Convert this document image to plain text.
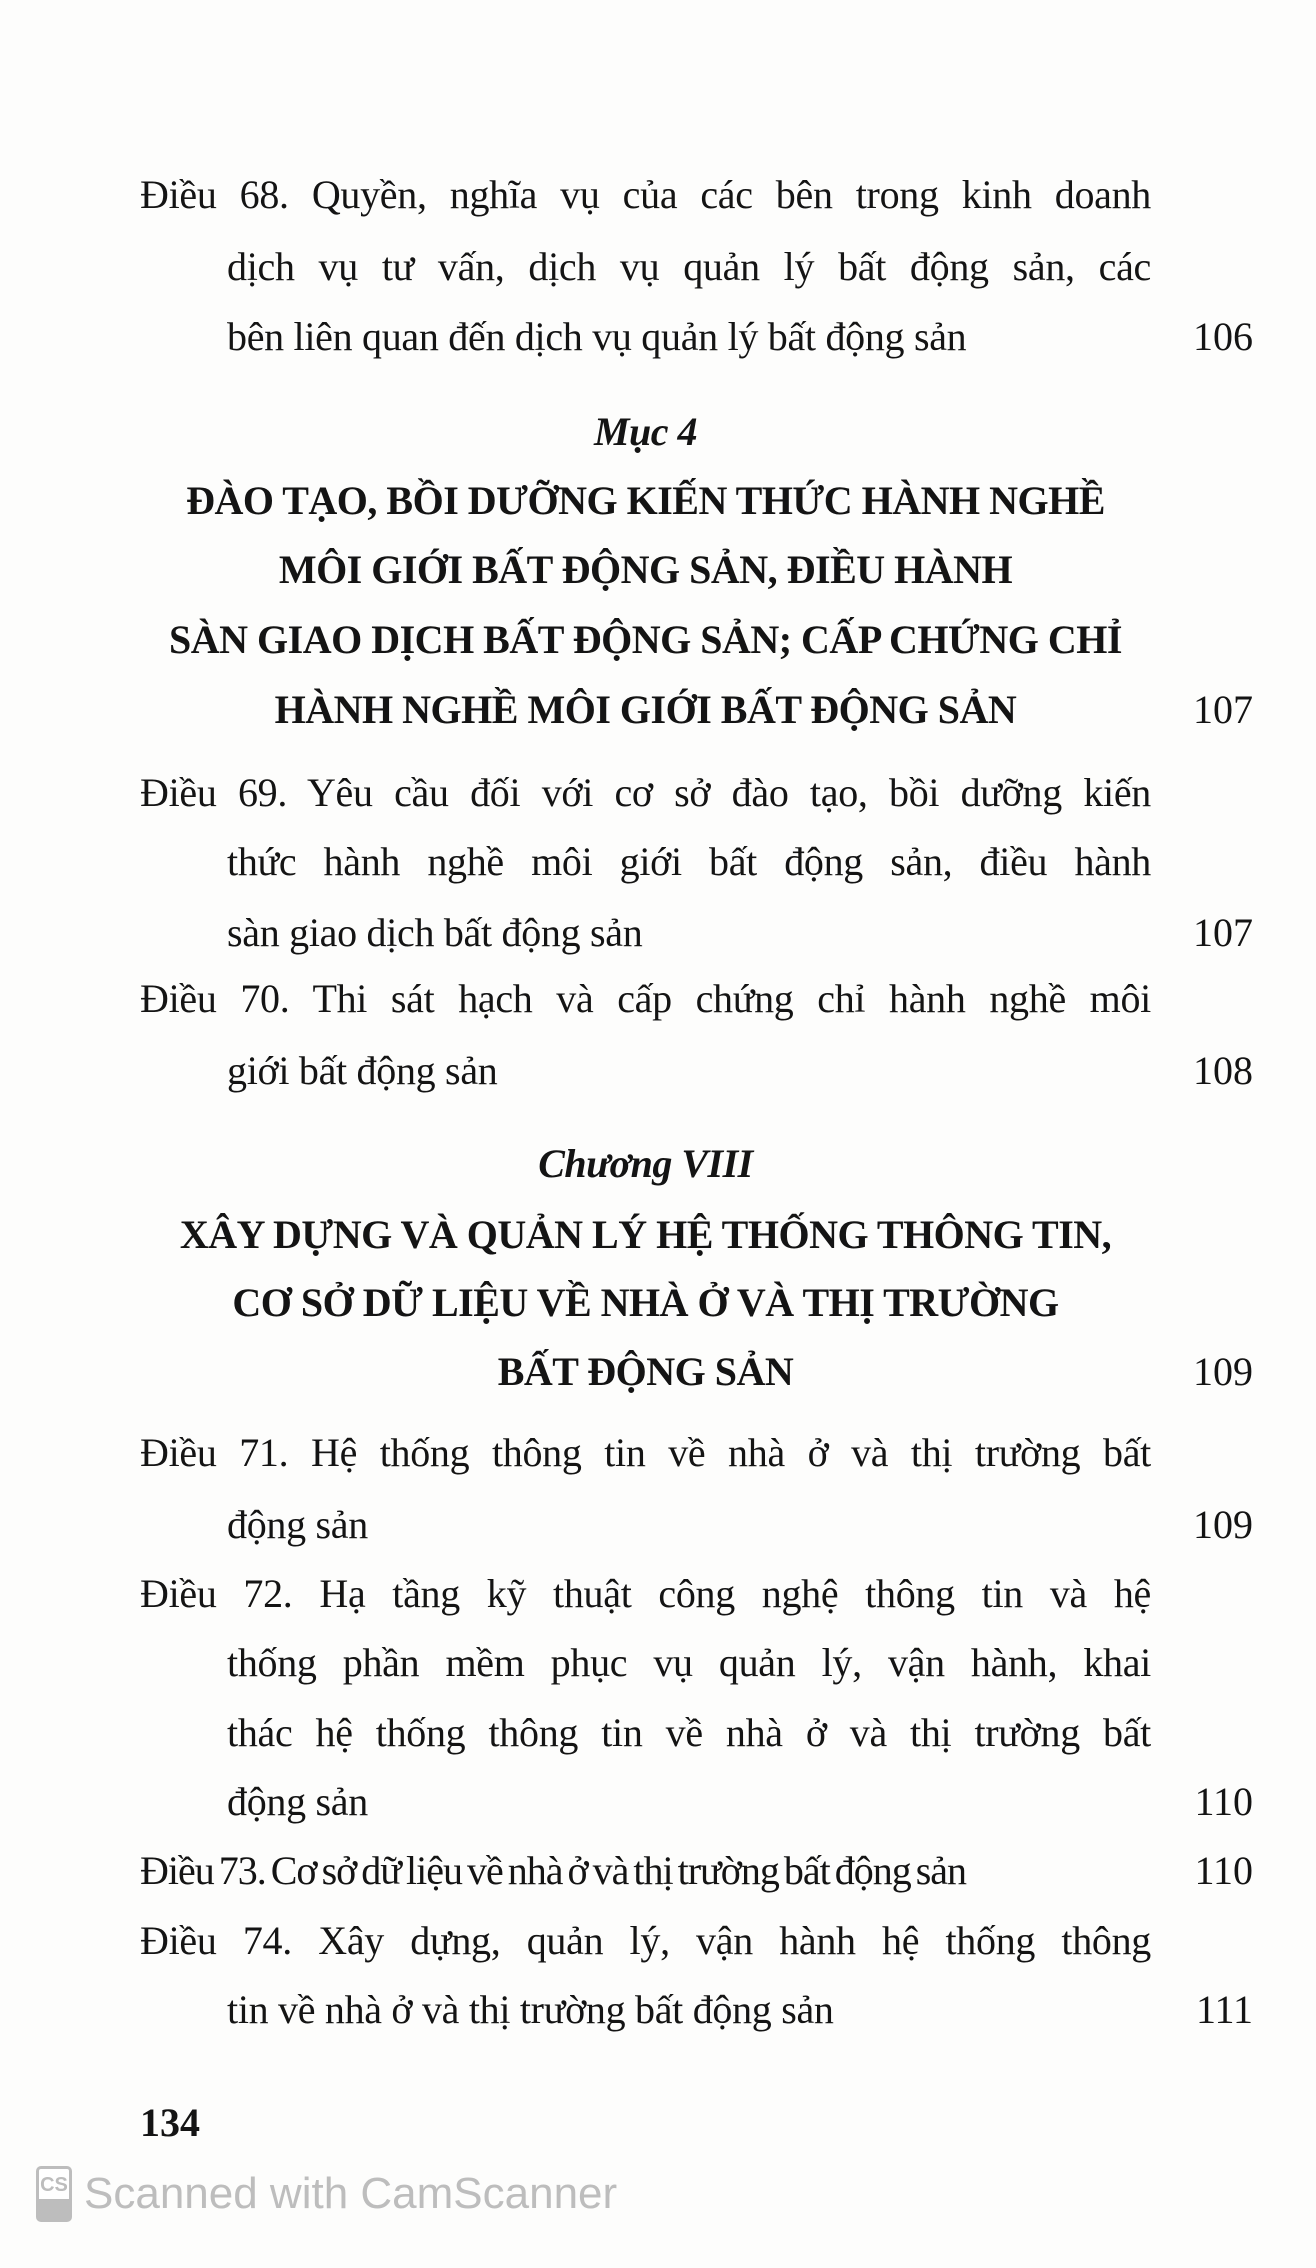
Điều 68. Quyền, nghĩa vụ của các bên trong kinh doanh
dịch vụ tư vấn, dịch vụ quản lý bất động sản, các
bên liên quan đến dịch vụ quản lý bất động sản	106
Mục 4
ĐÀO TẠO, BỒI DƯỠNG KIẾN THỨC HÀNH NGHỀ
MÔI GIỚI BẤT ĐỘNG SẢN, ĐIỀU HÀNH
SÀN GIAO DỊCH BẤT ĐỘNG SẢN; CẤP CHỨNG CHỈ
HÀNH NGHỀ MÔI GIỚI BẤT ĐỘNG SẢN	107
Điều 69. Yêu cầu đối với cơ sở đào tạo, bồi dưỡng kiến
thức hành nghề môi giới bất động sản, điều hành
sàn giao dịch bất động sản	107
Điều 70. Thi sát hạch và cấp chứng chỉ hành nghề môi
giới bất động sản	108
Chương VIII
XÂY DỰNG VÀ QUẢN LÝ HỆ THỐNG THÔNG TIN,
CƠ SỞ DỮ LIỆU VỀ NHÀ Ở VÀ THỊ TRƯỜNG
BẤT ĐỘNG SẢN	109
Điều 71. Hệ thống thông tin về nhà ở và thị trường bất
động sản	109
Điều 72. Hạ tầng kỹ thuật công nghệ thông tin và hệ
thống phần mềm phục vụ quản lý, vận hành, khai
thác hệ thống thông tin về nhà ở và thị trường bất
động sản	110
Điều 73. Cơ sở dữ liệu về nhà ở và thị trường bất động sản	110
Điều 74. Xây dựng, quản lý, vận hành hệ thống thông
tin về nhà ở và thị trường bất động sản	111
134
CS Scanned with CamScanner
